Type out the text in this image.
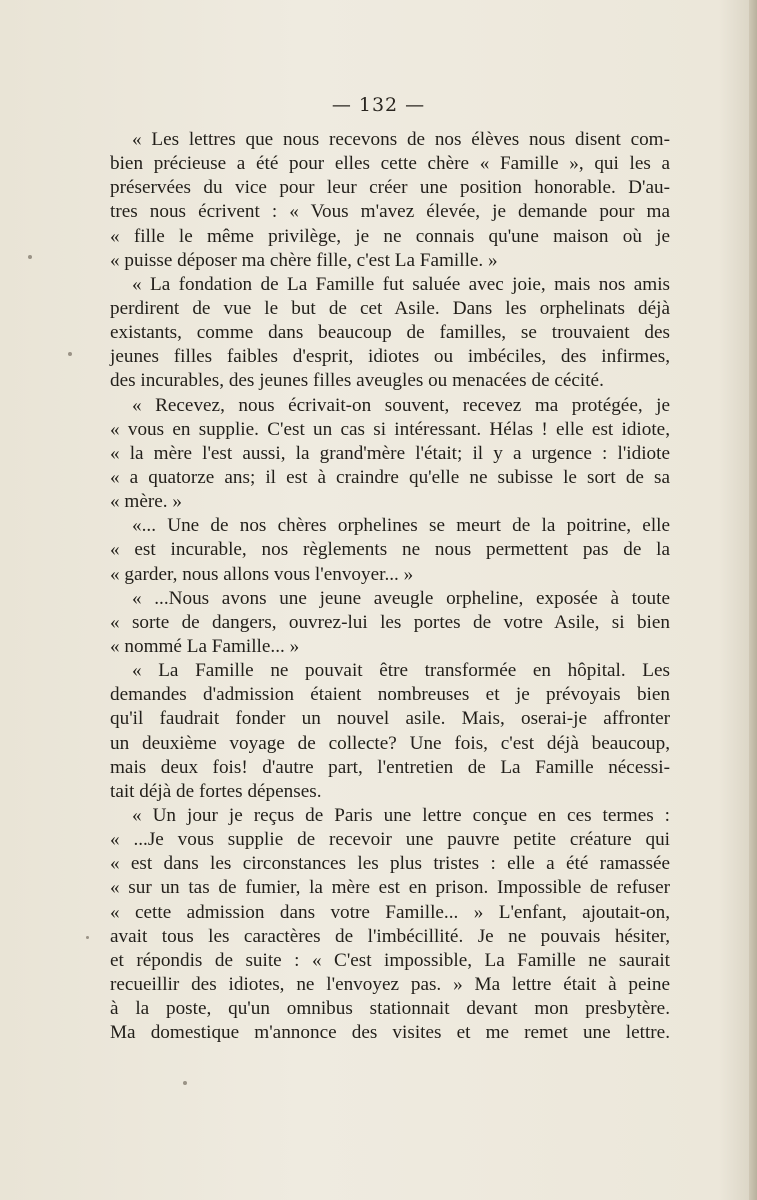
— 132 —
« Les lettres que nous recevons de nos élèves nous disent com-
bien précieuse a été pour elles cette chère « Famille », qui les a
préservées du vice pour leur créer une position honorable. D'au-
tres nous écrivent : « Vous m'avez élevée, je demande pour ma
« fille le même privilège, je ne connais qu'une maison où je
« puisse déposer ma chère fille, c'est La Famille. »
« La fondation de La Famille fut saluée avec joie, mais nos amis
perdirent de vue le but de cet Asile. Dans les orphelinats déjà
existants, comme dans beaucoup de familles, se trouvaient des
jeunes filles faibles d'esprit, idiotes ou imbéciles, des infirmes,
des incurables, des jeunes filles aveugles ou menacées de cécité.
« Recevez, nous écrivait-on souvent, recevez ma protégée, je
« vous en supplie. C'est un cas si intéressant. Hélas ! elle est idiote,
« la mère l'est aussi, la grand'mère l'était; il y a urgence : l'idiote
« a quatorze ans; il est à craindre qu'elle ne subisse le sort de sa
« mère. »
«... Une de nos chères orphelines se meurt de la poitrine, elle
« est incurable, nos règlements ne nous permettent pas de la
« garder, nous allons vous l'envoyer... »
« ...Nous avons une jeune aveugle orpheline, exposée à toute
« sorte de dangers, ouvrez-lui les portes de votre Asile, si bien
« nommé La Famille... »
« La Famille ne pouvait être transformée en hôpital. Les
demandes d'admission étaient nombreuses et je prévoyais bien
qu'il faudrait fonder un nouvel asile. Mais, oserai-je affronter
un deuxième voyage de collecte? Une fois, c'est déjà beaucoup,
mais deux fois! d'autre part, l'entretien de La Famille nécessi-
tait déjà de fortes dépenses.
« Un jour je reçus de Paris une lettre conçue en ces termes :
« ...Je vous supplie de recevoir une pauvre petite créature qui
« est dans les circonstances les plus tristes : elle a été ramassée
« sur un tas de fumier, la mère est en prison. Impossible de refuser
« cette admission dans votre Famille... » L'enfant, ajoutait-on,
avait tous les caractères de l'imbécillité. Je ne pouvais hésiter,
et répondis de suite : « C'est impossible, La Famille ne saurait
recueillir des idiotes, ne l'envoyez pas. » Ma lettre était à peine
à la poste, qu'un omnibus stationnait devant mon presbytère.
Ma domestique m'annonce des visites et me remet une lettre.
